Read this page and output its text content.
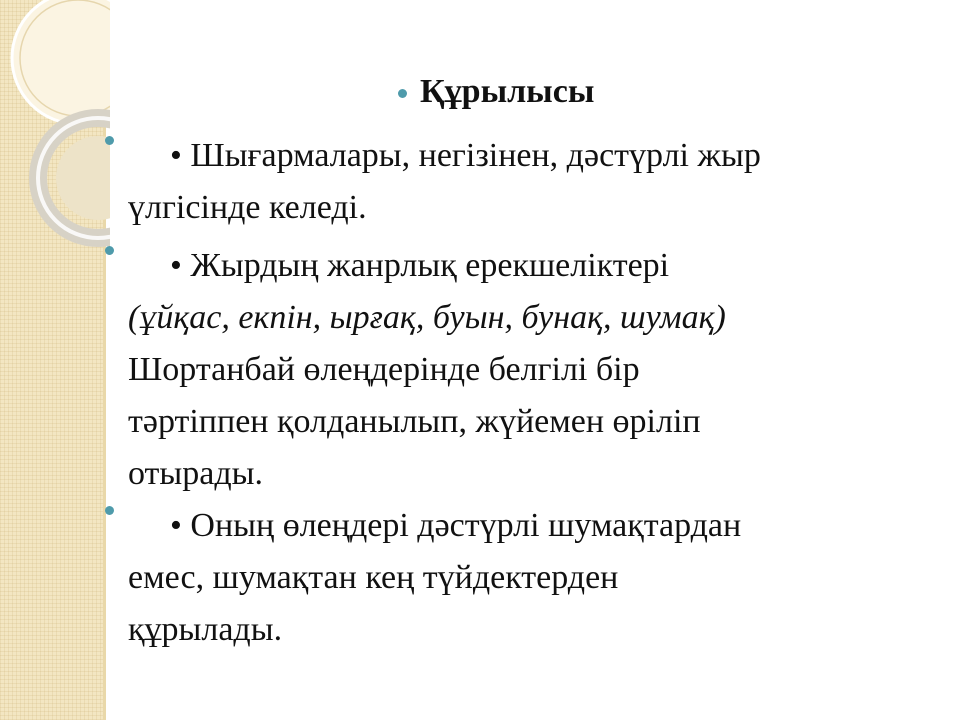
Құрылысы
• Шығармалары, негізінен, дәстүрлі жыр
үлгісінде келеді.
• Жырдың жанрлық ерекшеліктері
(ұйқас, екпін, ырғақ, буын, бунақ, шумақ)
Шортанбай өлеңдерінде белгілі бір
тәртіппен қолданылып, жүйемен өріліп
отырады.
• Оның өлеңдері дәстүрлі шумақтардан
емес, шумақтан кең түйдектерден
құрылады.
